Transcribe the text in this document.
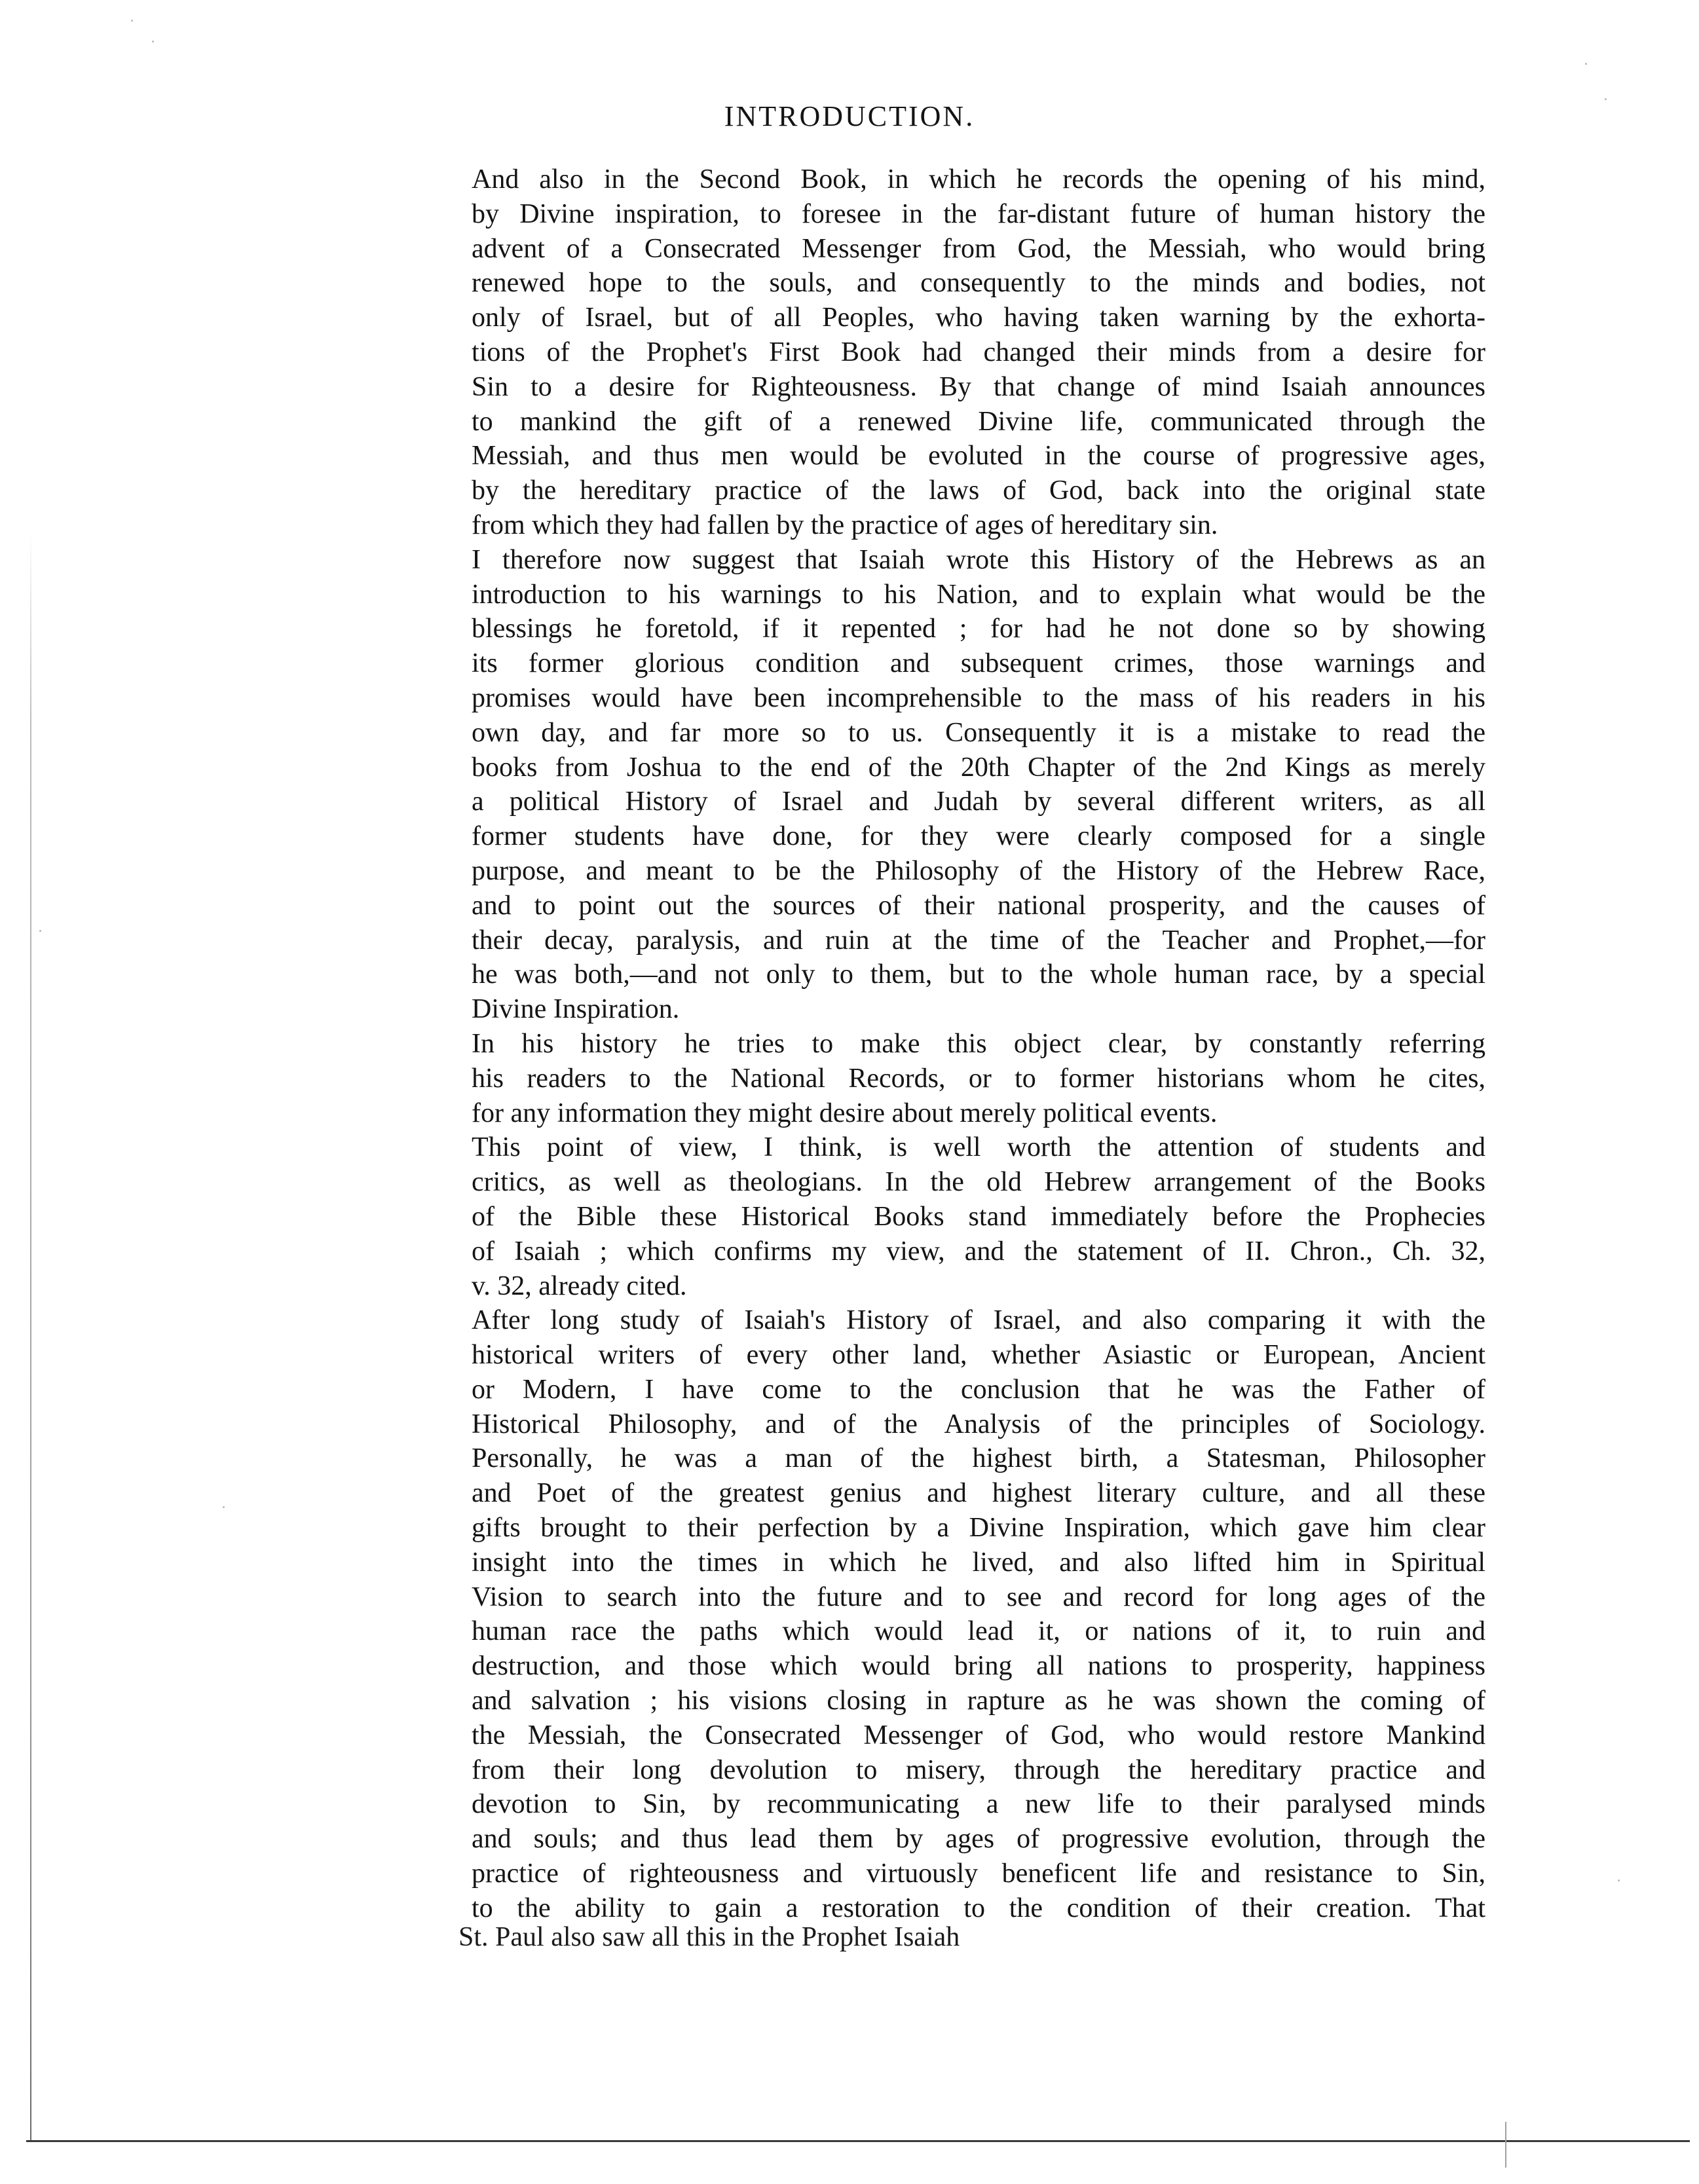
INTRODUCTION.

And also in the Second Book, in which he records the opening of his mind,
by Divine inspiration, to foresee in the far-distant future of human history the
advent of a Consecrated Messenger from God, the Messiah, who would bring
renewed hope to the souls, and consequently to the minds and bodies, not
only of Israel, but of all Peoples, who having taken warning by the exhorta-
tions of the Prophet's First Book had changed their minds from a desire for
Sin to a desire for Righteousness. By that change of mind Isaiah announces
to mankind the gift of a renewed Divine life, communicated through the
Messiah, and thus men would be evoluted in the course of progressive ages,
by the hereditary practice of the laws of God, back into the original state
from which they had fallen by the practice of ages of hereditary sin.

I therefore now suggest that Isaiah wrote this History of the Hebrews as an
introduction to his warnings to his Nation, and to explain what would be the
blessings he foretold, if it repented ; for had he not done so by showing
its former glorious condition and subsequent crimes, those warnings and
promises would have been incomprehensible to the mass of his readers in his
own day, and far more so to us. Consequently it is a mistake to read the
books from Joshua to the end of the 20th Chapter of the 2nd Kings as merely
a political History of Israel and Judah by several different writers, as all
former students have done, for they were clearly composed for a single
purpose, and meant to be the Philosophy of the History of the Hebrew Race,
and to point out the sources of their national prosperity, and the causes of
their decay, paralysis, and ruin at the time of the Teacher and Prophet,—for
he was both,—and not only to them, but to the whole human race, by a special
Divine Inspiration.

In his history he tries to make this object clear, by constantly referring
his readers to the National Records, or to former historians whom he cites,
for any information they might desire about merely political events.

This point of view, I think, is well worth the attention of students and
critics, as well as theologians. In the old Hebrew arrangement of the Books
of the Bible these Historical Books stand immediately before the Prophecies
of Isaiah ; which confirms my view, and the statement of II. Chron., Ch. 32,
v. 32, already cited.

After long study of Isaiah's History of Israel, and also comparing it with the
historical writers of every other land, whether Asiastic or European, Ancient
or Modern, I have come to the conclusion that he was the Father of
Historical Philosophy, and of the Analysis of the principles of Sociology.
Personally, he was a man of the highest birth, a Statesman, Philosopher
and Poet of the greatest genius and highest literary culture, and all these
gifts brought to their perfection by a Divine Inspiration, which gave him clear
insight into the times in which he lived, and also lifted him in Spiritual
Vision to search into the future and to see and record for long ages of the
human race the paths which would lead it, or nations of it, to ruin and
destruction, and those which would bring all nations to prosperity, happiness
and salvation ; his visions closing in rapture as he was shown the coming of
the Messiah, the Consecrated Messenger of God, who would restore Mankind
from their long devolution to misery, through the hereditary practice and
devotion to Sin, by recommunicating a new life to their paralysed minds
and souls; and thus lead them by ages of progressive evolution, through the
practice of righteousness and virtuously beneficent life and resistance to Sin,
to the ability to gain a restoration to the condition of their creation. That

St. Paul also saw all this in the Prophet Isaiah
